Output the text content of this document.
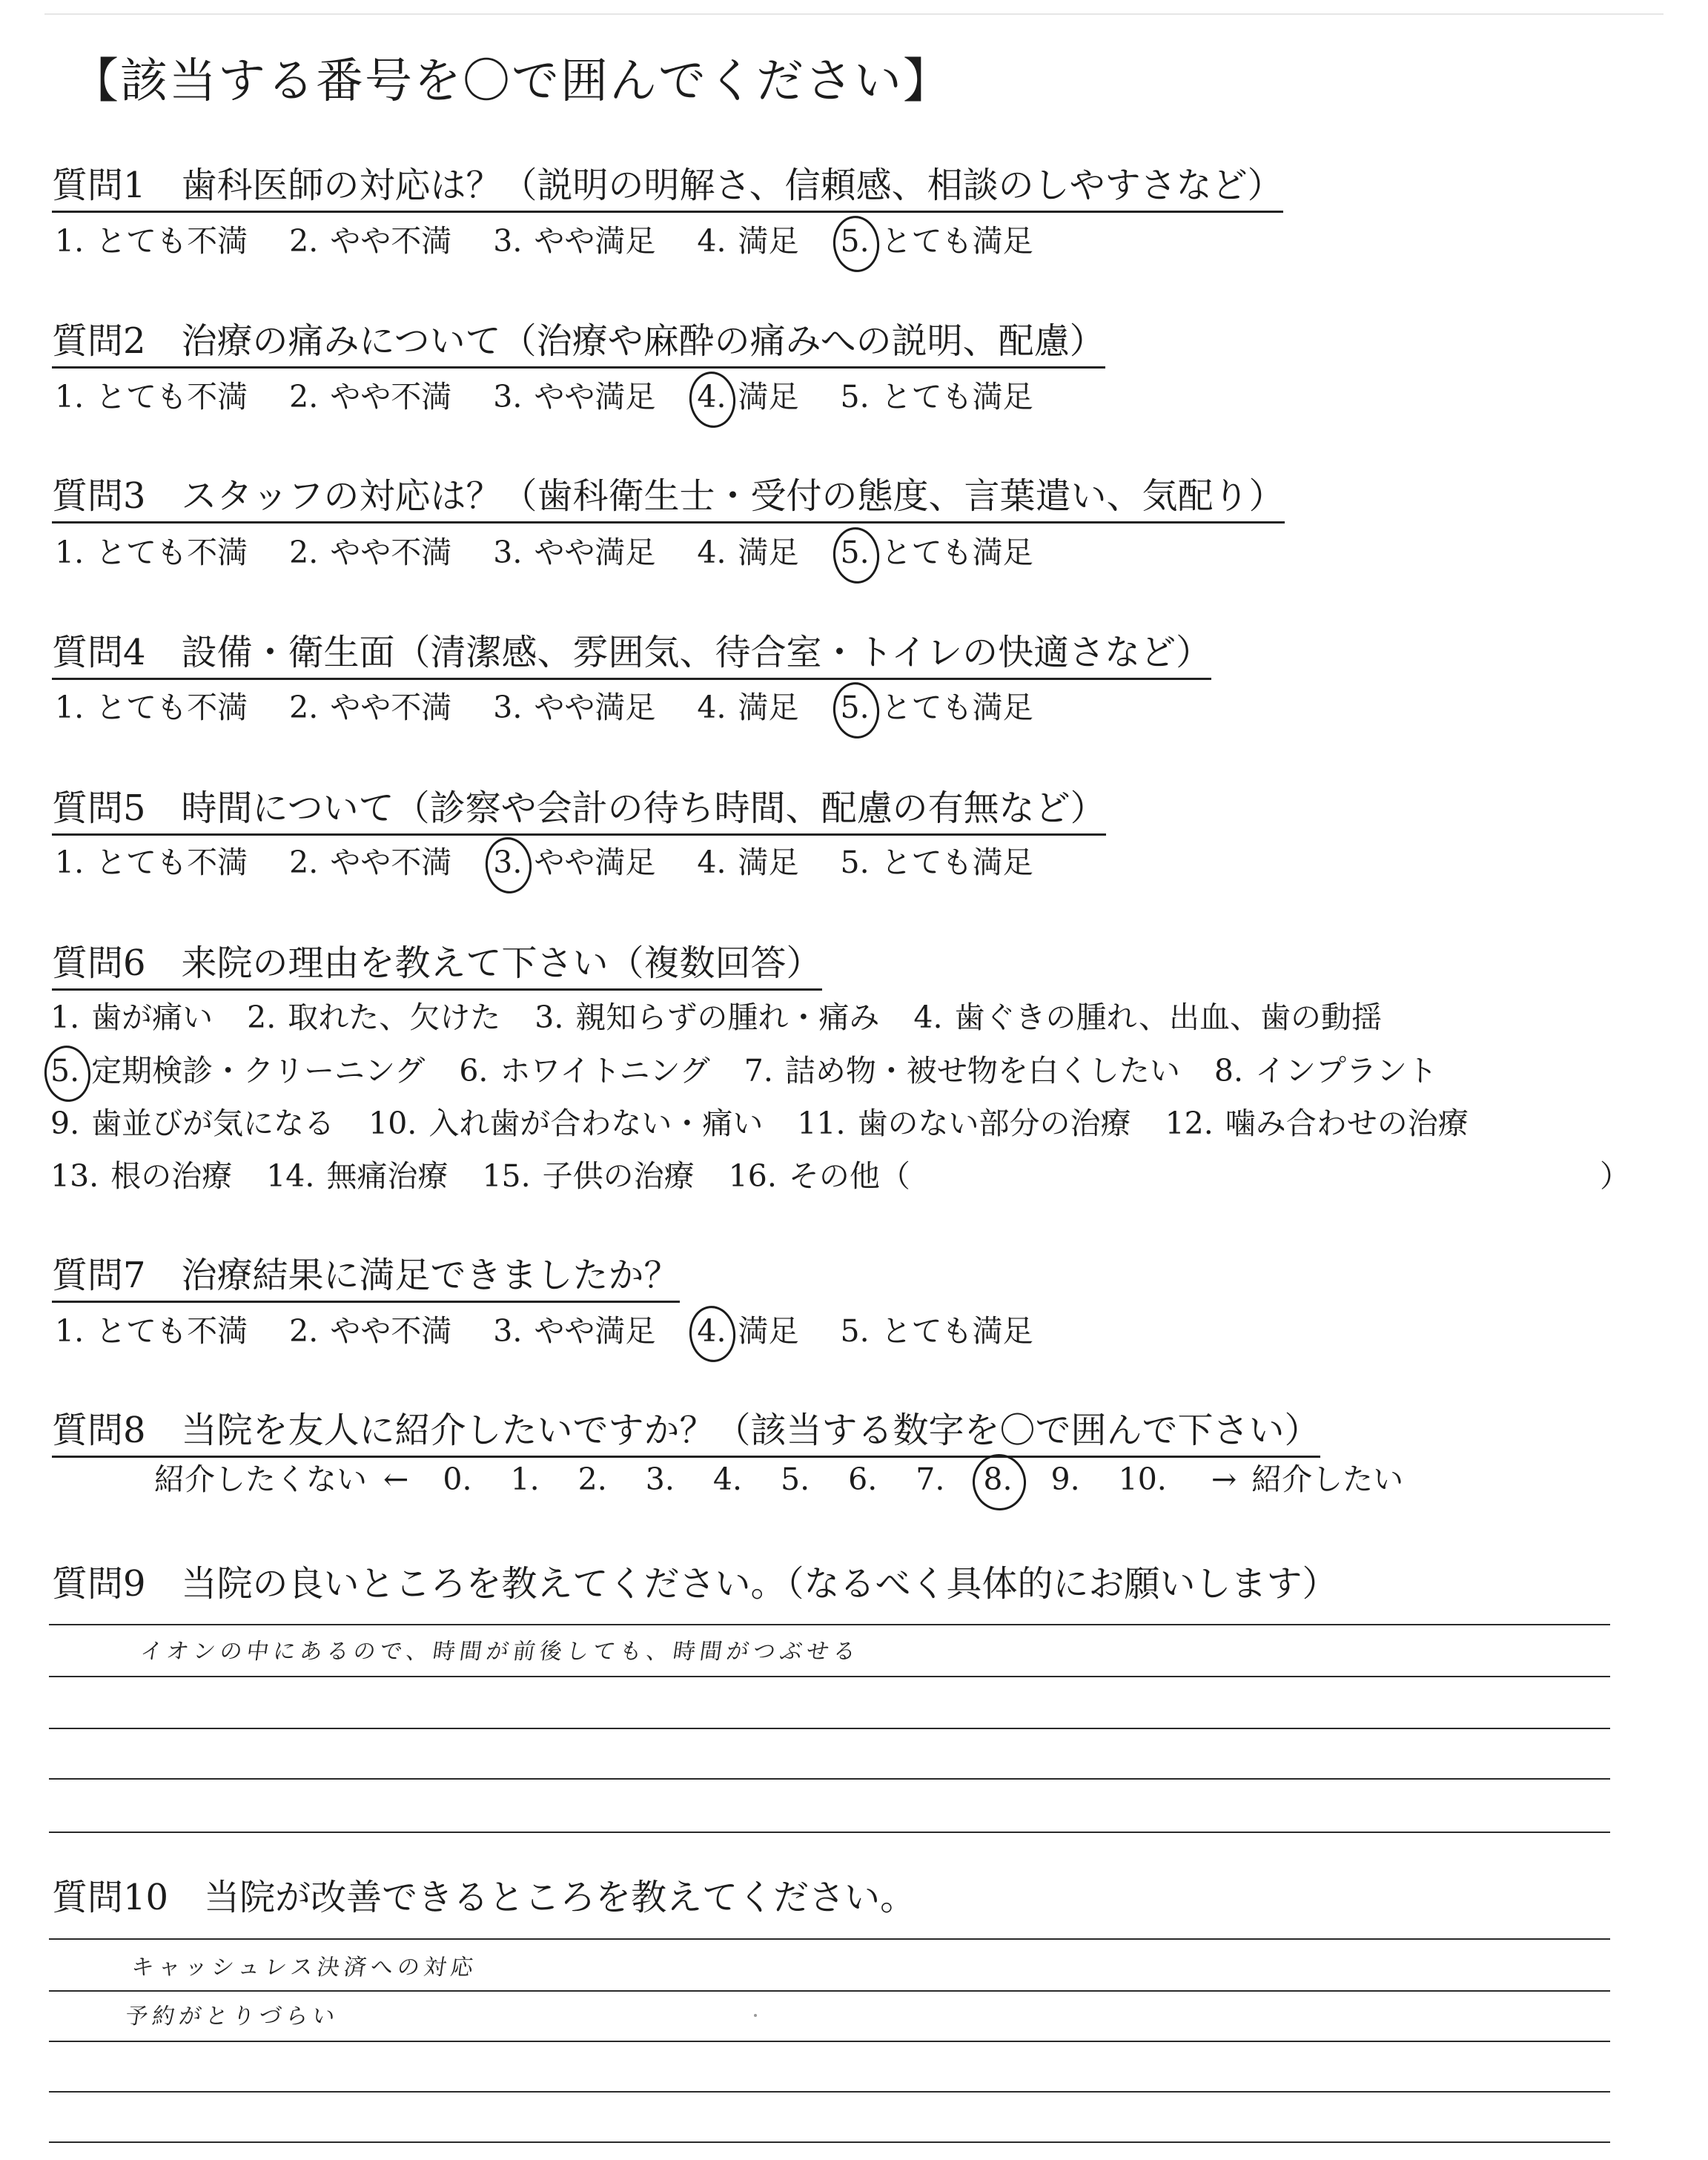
【該当する番号を〇で囲んでください】
質問1　歯科医師の対応は？（説明の明解さ、信頼感、相談のしやすさなど）
1. とても不満 2. やや不満 3. やや満足 4. 満足 5. とても満足
質問2　治療の痛みについて（治療や麻酔の痛みへの説明、配慮）
1. とても不満 2. やや不満 3. やや満足 4. 満足 5. とても満足
質問3　スタッフの対応は？（歯科衛生士・受付の態度、言葉遣い、気配り）
1. とても不満 2. やや不満 3. やや満足 4. 満足 5. とても満足
質問4　設備・衛生面（清潔感、雰囲気、待合室・トイレの快適さなど）
1. とても不満 2. やや不満 3. やや満足 4. 満足 5. とても満足
質問5　時間について（診察や会計の待ち時間、配慮の有無など）
1. とても不満 2. やや不満 3. やや満足 4. 満足 5. とても満足
質問6　来院の理由を教えて下さい（複数回答）
1. 歯が痛い 2. 取れた、欠けた 3. 親知らずの腫れ・痛み 4. 歯ぐきの腫れ、出血、歯の動揺
5. 定期検診・クリーニング 6. ホワイトニング 7. 詰め物・被せ物を白くしたい 8. インプラント
9. 歯並びが気になる 10. 入れ歯が合わない・痛い 11. 歯のない部分の治療 12. 噛み合わせの治療
13. 根の治療 14. 無痛治療 15. 子供の治療 16. その他（	）
質問7　治療結果に満足できましたか？
1. とても不満 2. やや不満 3. やや満足 4. 満足 5. とても満足
質問8　当院を友人に紹介したいですか？（該当する数字を〇で囲んで下さい）
紹介したくない ← 0. 1. 2. 3. 4. 5. 6. 7. 8. 9. 10. → 紹介したい
質問9　当院の良いところを教えてください。（なるべく具体的にお願いします）
イオンの中にあるので、時間が前後しても、時間がつぶせる
質問10　当院が改善できるところを教えてください。
キャッシュレス決済への対応
予約がとりづらい
